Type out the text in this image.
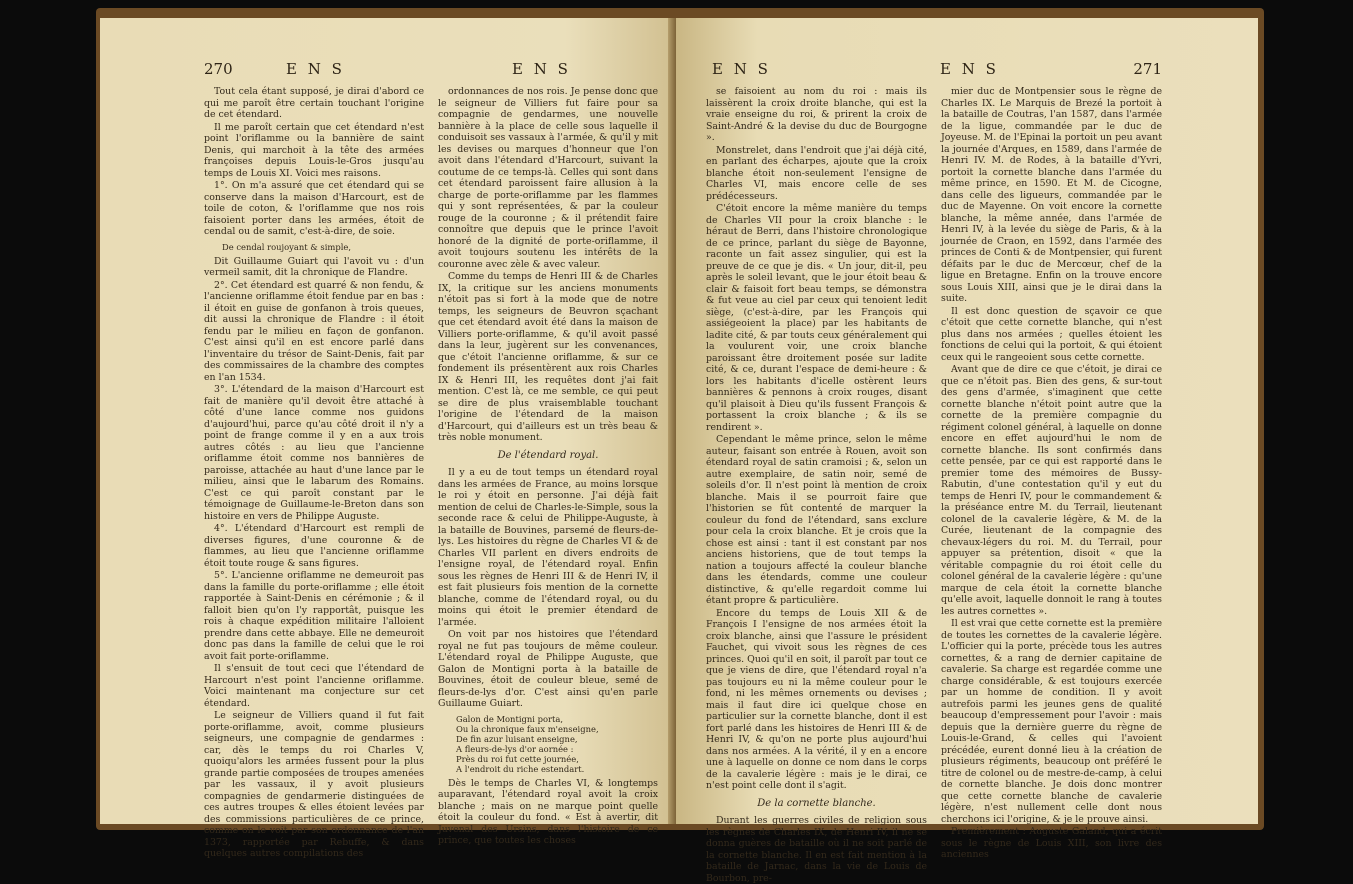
270	E N S	E N S

Tout cela étant supposé, je dirai d'abord ce qui me paroît être certain touchant l'origine de cet étendard.

Il me paroît certain que cet étendard n'est point l'oriflamme ou la bannière de saint Denis, qui marchoit à la tête des armées françoises depuis Louis-le-Gros jusqu'au temps de Louis XI. Voici mes raisons.

1°. On m'a assuré que cet étendard qui se conserve dans la maison d'Harcourt, est de toile de coton, & l'oriflamme que nos rois faisoient porter dans les armées, étoit de cendal ou de samit, c'est-à-dire, de soie.

De cendal roujoyant & simple,

Dit Guillaume Guiart qui l'avoit vu : d'un vermeil samit, dit la chronique de Flandre.

2°. Cet étendard est quarré & non fendu, & l'ancienne oriflamme étoit fendue par en bas : il étoit en guise de gonfanon à trois queues, dit aussi la chronique de Flandre : il étoit fendu par le milieu en façon de gonfanon. C'est ainsi qu'il en est encore parlé dans l'inventaire du trésor de Saint-Denis, fait par des commissaires de la chambre des comptes en l'an 1534.

3°. L'étendard de la maison d'Harcourt est fait de manière qu'il devoit être attaché à côté d'une lance comme nos guidons d'aujourd'hui, parce qu'au côté droit il n'y a point de frange comme il y en a aux trois autres côtés : au lieu que l'ancienne oriflamme étoit comme nos bannières de paroisse, attachée au haut d'une lance par le milieu, ainsi que le labarum des Romains. C'est ce qui paroît constant par le témoignage de Guillaume-le-Breton dans son histoire en vers de Philippe Auguste.

4°. L'étendard d'Harcourt est rempli de diverses figures, d'une couronne & de flammes, au lieu que l'ancienne oriflamme étoit toute rouge & sans figures.

5°. L'ancienne oriflamme ne demeuroit pas dans la famille du porte-oriflamme ; elle étoit rapportée à Saint-Denis en cérémonie ; & il falloit bien qu'on l'y rapportât, puisque les rois à chaque expédition militaire l'alloient prendre dans cette abbaye. Elle ne demeuroit donc pas dans la famille de celui que le roi avoit fait porte-oriflamme.

Il s'ensuit de tout ceci que l'étendard de Harcourt n'est point l'ancienne oriflamme. Voici maintenant ma conjecture sur cet étendard.

Le seigneur de Villiers quand il fut fait porte-oriflamme, avoit, comme plusieurs seigneurs, une compagnie de gendarmes : car, dès le temps du roi Charles V, quoiqu'alors les armées fussent pour la plus grande partie composées de troupes amenées par les vassaux, il y avoit plusieurs compagnies de gendarmerie distinguées de ces autres troupes & elles étoient levées par des commissions particulières de ce prince, comme on le voit par son ordonnance de l'an 1373, rapportée par Rebuffe, & dans quelques autres compilations des

ordonnances de nos rois. Je pense donc que le seigneur de Villiers fut faire pour sa compagnie de gendarmes, une nouvelle bannière à la place de celle sous laquelle il conduisoit ses vassaux à l'armée, & qu'il y mit les devises ou marques d'honneur que l'on avoit dans l'étendard d'Harcourt, suivant la coutume de ce temps-là. Celles qui sont dans cet étendard paroissent faire allusion à la charge de porte-oriflamme par les flammes qui y sont représentées, & par la couleur rouge de la couronne ; & il prétendit faire connoître que depuis que le prince l'avoit honoré de la dignité de porte-oriflamme, il avoit toujours soutenu les intérêts de la couronne avec zèle & avec valeur.

Comme du temps de Henri III & de Charles IX, la critique sur les anciens monuments n'étoit pas si fort à la mode que de notre temps, les seigneurs de Beuvron sçachant que cet étendard avoit été dans la maison de Villiers porte-oriflamme, & qu'il avoit passé dans la leur, jugèrent sur les convenances, que c'étoit l'ancienne oriflamme, & sur ce fondement ils présentèrent aux rois Charles IX & Henri III, les requêtes dont j'ai fait mention. C'est là, ce me semble, ce qui peut se dire de plus vraisemblable touchant l'origine de l'étendard de la maison d'Harcourt, qui d'ailleurs est un très beau & très noble monument.

De l'étendard royal.

Il y a eu de tout temps un étendard royal dans les armées de France, au moins lorsque le roi y étoit en personne. J'ai déjà fait mention de celui de Charles-le-Simple, sous la seconde race & celui de Philippe-Auguste, à la bataille de Bouvines, parsemé de fleurs-de-lys. Les histoires du règne de Charles VI & de Charles VII parlent en divers endroits de l'ensigne royal, de l'étendard royal. Enfin sous les règnes de Henri III & de Henri IV, il est fait plusieurs fois mention de la cornette blanche, comme de l'étendard royal, ou du moins qui étoit le premier étendard de l'armée.

On voit par nos histoires que l'étendard royal ne fut pas toujours de même couleur. L'étendard royal de Philippe Auguste, que Galon de Montigni porta à la bataille de Bouvines, étoit de couleur bleue, semé de fleurs-de-lys d'or. C'est ainsi qu'en parle Guillaume Guiart.

Galon de Montigni porta,
Ou la chronique faux m'enseigne,
De fin azur luisant enseigne,
A fleurs-de-lys d'or aornée :
Près du roi fut cette journée,
A l'endroit du riche estendart.

Dès le temps de Charles VI, & longtemps auparavant, l'étendard royal avoit la croix blanche ; mais on ne marque point quelle étoit la couleur du fond. « Est à avertir, dit Juvenal des Ursins, dans l'histoire de ce prince, que toutes les choses

E N S	E N S	271

se faisoient au nom du roi : mais ils laissèrent la croix droite blanche, qui est la vraie enseigne du roi, & prirent la croix de Saint-André & la devise du duc de Bourgogne ».

Monstrelet, dans l'endroit que j'ai déjà cité, en parlant des écharpes, ajoute que la croix blanche étoit non-seulement l'ensigne de Charles VI, mais encore celle de ses prédécesseurs.

C'étoit encore la même manière du temps de Charles VII pour la croix blanche : le héraut de Berri, dans l'histoire chronologique de ce prince, parlant du siège de Bayonne, raconte un fait assez singulier, qui est la preuve de ce que je dis. « Un jour, dit-il, peu après le soleil levant, que le jour étoit beau & clair & faisoit fort beau temps, se démonstra & fut veue au ciel par ceux qui tenoient ledit siège, (c'est-à-dire, par les François qui assiégeoient la place) par les habitants de ladite cité, & par touts ceux généralement qui la voulurent voir, une croix blanche paroissant être droitement posée sur ladite cité, & ce, durant l'espace de demi-heure : & lors les habitants d'icelle ostèrent leurs bannières & pennons à croix rouges, disant qu'il plaisoit à Dieu qu'ils fussent François & portassent la croix blanche ; & ils se rendirent ».

Cependant le même prince, selon le même auteur, faisant son entrée à Rouen, avoit son étendard royal de satin cramoisi ; &, selon un autre exemplaire, de satin noir, semé de soleils d'or. Il n'est point là mention de croix blanche. Mais il se pourroit faire que l'historien se fût contenté de marquer la couleur du fond de l'étendard, sans exclure pour cela la croix blanche. Et je crois que la chose est ainsi : tant il est constant par nos anciens historiens, que de tout temps la nation a toujours affecté la couleur blanche dans les étendards, comme une couleur distinctive, & qu'elle regardoit comme lui étant propre & particulière.

Encore du temps de Louis XII & de François I l'ensigne de nos armées étoit la croix blanche, ainsi que l'assure le président Fauchet, qui vivoit sous les règnes de ces princes. Quoi qu'il en soit, il paroît par tout ce que je viens de dire, que l'étendard royal n'a pas toujours eu ni la même couleur pour le fond, ni les mêmes ornements ou devises ; mais il faut dire ici quelque chose en particulier sur la cornette blanche, dont il est fort parlé dans les histoires de Henri III & de Henri IV, & qu'on ne porte plus aujourd'hui dans nos armées. A la vérité, il y en a encore une à laquelle on donne ce nom dans le corps de la cavalerie légère : mais je le dirai, ce n'est point celle dont il s'agit.

De la cornette blanche.

Durant les guerres civiles de religion sous les règnes de Charles IX, de Henri IV, il ne se donna guères de bataille où il ne soit parlé de la cornette blanche. Il en est fait mention à la bataille de Jarnac, dans la vie de Louis de Bourbon, pre-

mier duc de Montpensier sous le règne de Charles IX. Le Marquis de Brezé la portoit à la bataille de Coutras, l'an 1587, dans l'armée de la ligue, commandée par le duc de Joyeuse. M. de l'Epinai la portoit un peu avant la journée d'Arques, en 1589, dans l'armée de Henri IV. M. de Rodes, à la bataille d'Yvri, portoit la cornette blanche dans l'armée du même prince, en 1590. Et M. de Cicogne, dans celle des ligueurs, commandée par le duc de Mayenne. On voit encore la cornette blanche, la même année, dans l'armée de Henri IV, à la levée du siège de Paris, & à la journée de Craon, en 1592, dans l'armée des princes de Conti & de Montpensier, qui furent défaits par le duc de Mercœur, chef de la ligue en Bretagne. Enfin on la trouve encore sous Louis XIII, ainsi que je le dirai dans la suite.

Il est donc question de sçavoir ce que c'étoit que cette cornette blanche, qui n'est plus dans nos armées ; quelles étoient les fonctions de celui qui la portoit, & qui étoient ceux qui le rangeoient sous cette cornette.

Avant que de dire ce que c'étoit, je dirai ce que ce n'étoit pas. Bien des gens, & sur-tout des gens d'armée, s'imaginent que cette cornette blanche n'étoit point autre que la cornette de la première compagnie du régiment colonel général, à laquelle on donne encore en effet aujourd'hui le nom de cornette blanche. Ils sont confirmés dans cette pensée, par ce qui est rapporté dans le premier tome des mémoires de Bussy-Rabutin, d'une contestation qu'il y eut du temps de Henri IV, pour le commandement & la préséance entre M. du Terrail, lieutenant colonel de la cavalerie légère, & M. de la Curée, lieutenant de la compagnie des chevaux-légers du roi. M. du Terrail, pour appuyer sa prétention, disoit « que la véritable compagnie du roi étoit celle du colonel général de la cavalerie légère : qu'une marque de cela étoit la cornette blanche qu'elle avoit, laquelle donnoit le rang à toutes les autres cornettes ».

Il est vrai que cette cornette est la première de toutes les cornettes de la cavalerie légère. L'officier qui la porte, précède tous les autres cornettes, & a rang de dernier capitaine de cavalerie. Sa charge est regardée comme une charge considérable, & est toujours exercée par un homme de condition. Il y avoit autrefois parmi les jeunes gens de qualité beaucoup d'empressement pour l'avoir : mais depuis que la dernière guerre du règne de Louis-le-Grand, & celles qui l'avoient précédée, eurent donné lieu à la création de plusieurs régiments, beaucoup ont préféré le titre de colonel ou de mestre-de-camp, à celui de cornette blanche. Je dois donc montrer que cette cornette blanche de cavalerie légère, n'est nullement celle dont nous cherchons ici l'origine, & je le prouve ainsi.

Premièrement : Auguste Galand, qui a écrit sous le règne de Louis XIII, son livre des anciennes
